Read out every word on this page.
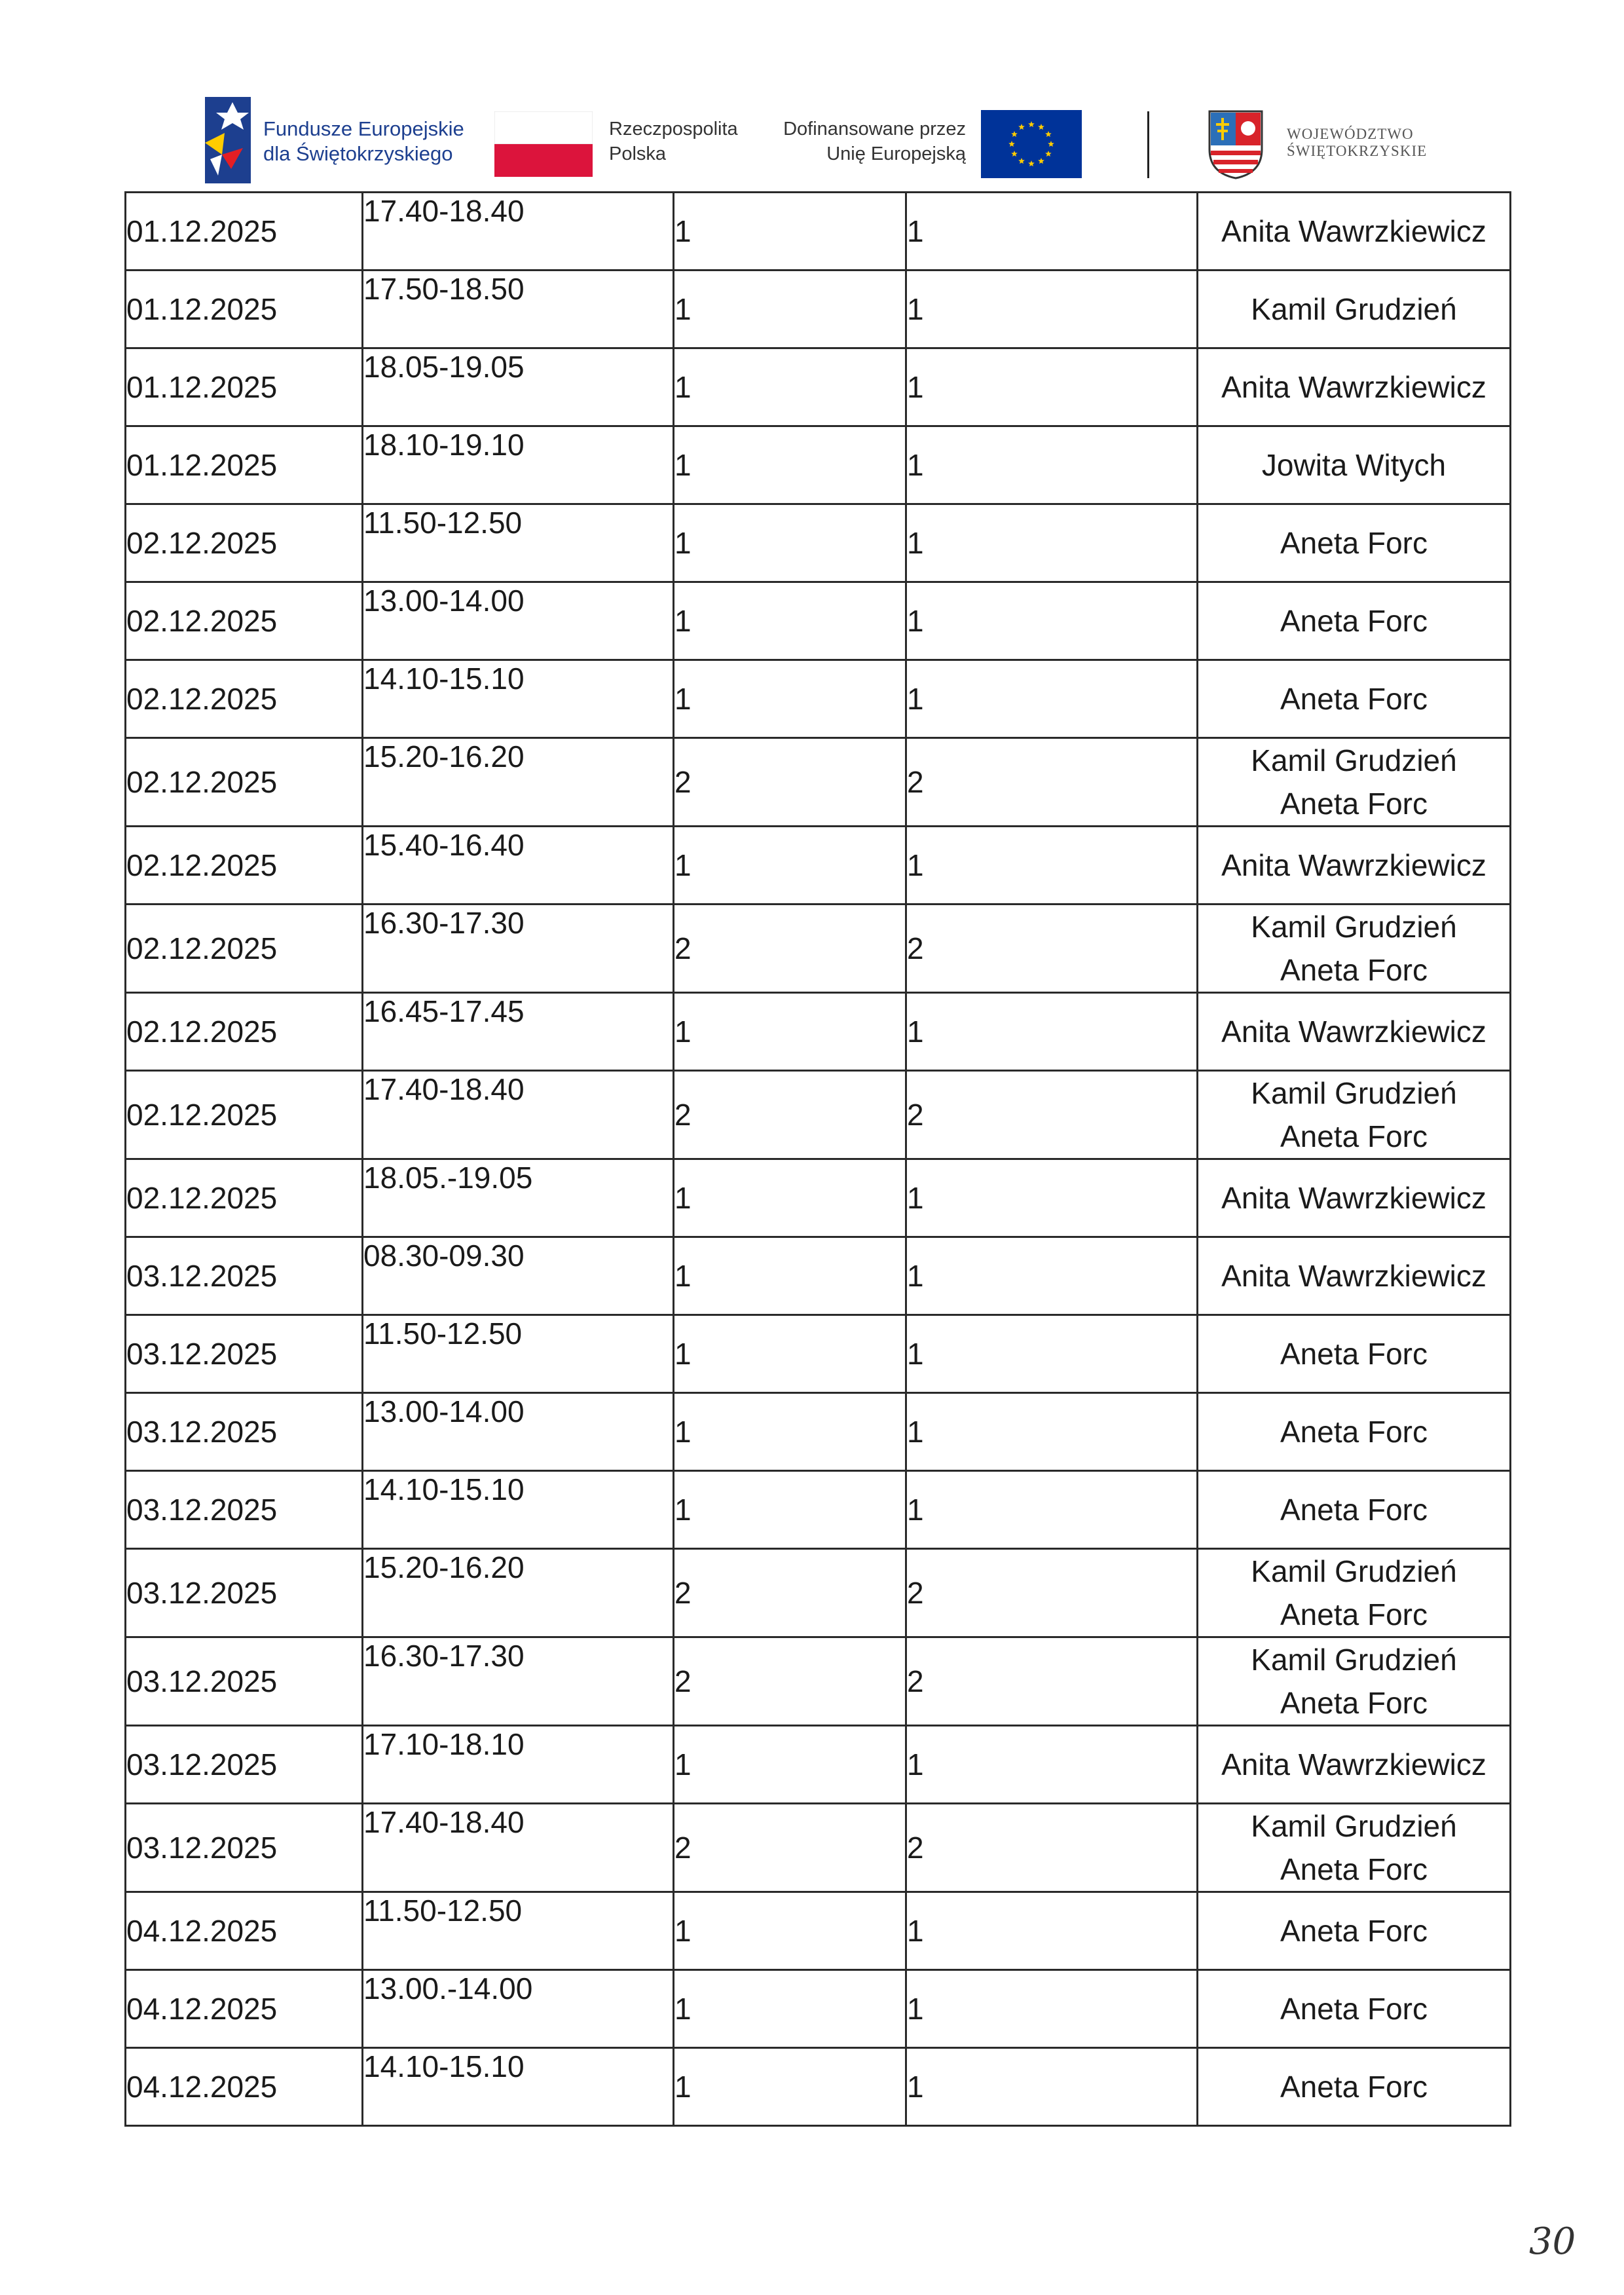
Fundusze Europejskie
dla Świętokrzyskiego
Rzeczpospolita
Polska
Dofinansowane przez
Unię Europejską
WOJEWÓDZTWO
ŚWIĘTOKRZYSKIE
01.12.2025	17.40-18.40	1	1	Anita Wawrzkiewicz

01.12.2025	17.50-18.50	1	1	Kamil Grudzień

01.12.2025	18.05-19.05	1	1	Anita Wawrzkiewicz

01.12.2025	18.10-19.10	1	1	Jowita Witych

02.12.2025	11.50-12.50	1	1	Aneta Forc

02.12.2025	13.00-14.00	1	1	Aneta Forc

02.12.2025	14.10-15.10	1	1	Aneta Forc

02.12.2025	15.20-16.20	2	2	Kamil Grudzień
Aneta Forc

02.12.2025	15.40-16.40	1	1	Anita Wawrzkiewicz

02.12.2025	16.30-17.30	2	2	Kamil Grudzień
Aneta Forc

02.12.2025	16.45-17.45	1	1	Anita Wawrzkiewicz

02.12.2025	17.40-18.40	2	2	Kamil Grudzień
Aneta Forc

02.12.2025	18.05.-19.05	1	1	Anita Wawrzkiewicz

03.12.2025	08.30-09.30	1	1	Anita Wawrzkiewicz

03.12.2025	11.50-12.50	1	1	Aneta Forc

03.12.2025	13.00-14.00	1	1	Aneta Forc

03.12.2025	14.10-15.10	1	1	Aneta Forc

03.12.2025	15.20-16.20	2	2	Kamil Grudzień
Aneta Forc

03.12.2025	16.30-17.30	2	2	Kamil Grudzień
Aneta Forc

03.12.2025	17.10-18.10	1	1	Anita Wawrzkiewicz

03.12.2025	17.40-18.40	2	2	Kamil Grudzień
Aneta Forc

04.12.2025	11.50-12.50	1	1	Aneta Forc

04.12.2025	13.00.-14.00	1	1	Aneta Forc

04.12.2025	14.10-15.10	1	1	Aneta Forc
30
